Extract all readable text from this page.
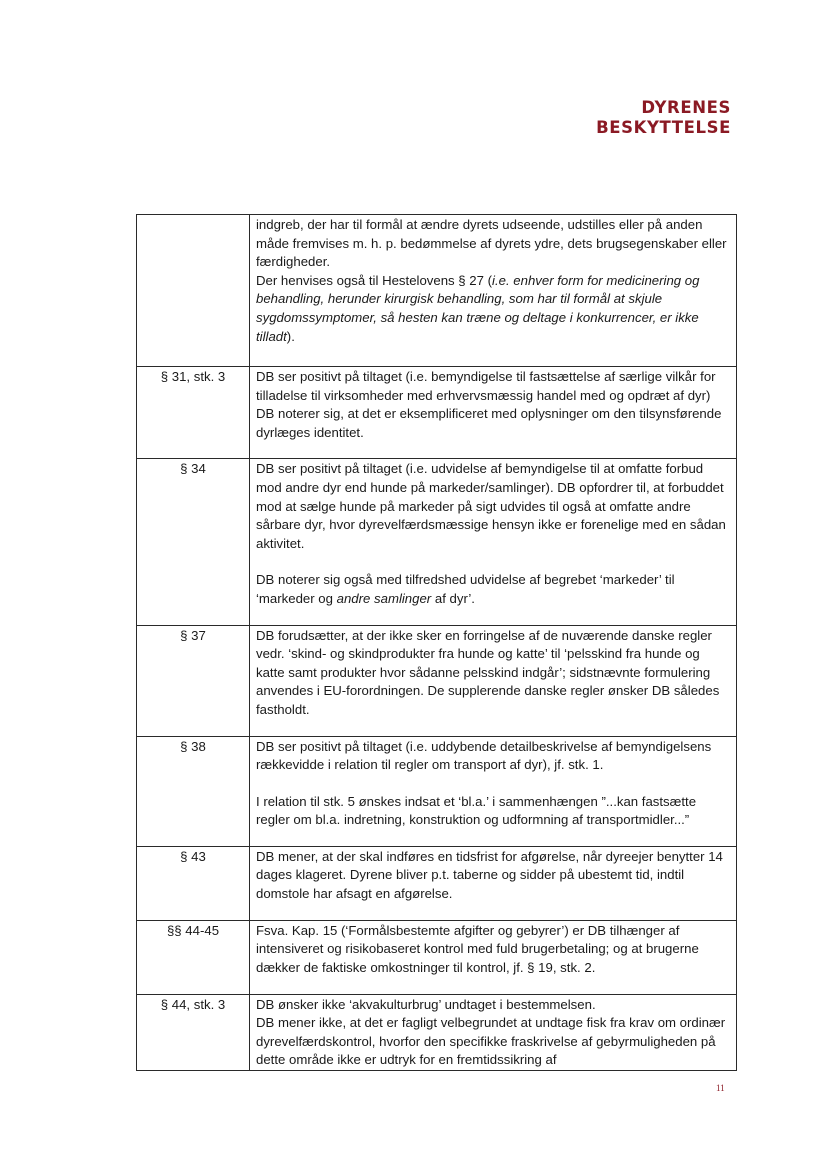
DYRENES
BESKYTTELSE

	indgreb, der har til formål at ændre dyrets udseende, udstilles eller på anden måde fremvises m. h. p. bedømmelse af dyrets ydre, dets brugsegenskaber eller færdigheder.

Der henvises også til Hestelovens § 27 (i.e. enhver form for medicinering og behandling, herunder kirurgisk behandling, som har til formål at skjule sygdomssymptomer, så hesten kan træne og deltage i konkurrencer, er ikke tilladt).

§ 31, stk. 3	DB ser positivt på tiltaget (i.e. bemyndigelse til fastsættelse af særlige vilkår for tilladelse til virksomheder med erhvervsmæssig handel med og opdræt af dyr)

DB noterer sig, at det er eksemplificeret med oplysninger om den tilsynsførende dyrlæges identitet.

§ 34	DB ser positivt på tiltaget (i.e. udvidelse af bemyndigelse til at omfatte forbud mod andre dyr end hunde på markeder/samlinger). DB opfordrer til, at forbuddet mod at sælge hunde på markeder på sigt udvides til også at omfatte andre sårbare dyr, hvor dyrevelfærdsmæssige hensyn ikke er forenelige med en sådan aktivitet.

DB noterer sig også med tilfredshed udvidelse af begrebet ‘markeder’ til ‘markeder og andre samlinger af dyr’.

§ 37	DB forudsætter, at der ikke sker en forringelse af de nuværende danske regler vedr. ‘skind- og skindprodukter fra hunde og katte’ til ‘pelsskind fra hunde og katte samt produkter hvor sådanne pelsskind indgår’; sidstnævnte formulering anvendes i EU-forordningen. De supplerende danske regler ønsker DB således fastholdt.

§ 38	DB ser positivt på tiltaget (i.e. uddybende detailbeskrivelse af bemyndigelsens rækkevidde i relation til regler om transport af dyr), jf. stk. 1.

I relation til stk. 5 ønskes indsat et ‘bl.a.’ i sammenhængen ”...kan fastsætte regler om bl.a. indretning, konstruktion og udformning af transportmidler...”

§ 43	DB mener, at der skal indføres en tidsfrist for afgørelse, når dyreejer benytter 14 dages klageret. Dyrene bliver p.t. taberne og sidder på ubestemt tid, indtil domstole har afsagt en afgørelse.

§§ 44-45	Fsva. Kap. 15 (‘Formålsbestemte afgifter og gebyrer’) er DB tilhænger af intensiveret og risikobaseret kontrol med fuld brugerbetaling; og at brugerne dækker de faktiske omkostninger til kontrol, jf. § 19, stk. 2.

§ 44, stk. 3	DB ønsker ikke ‘akvakulturbrug’ undtaget i bestemmelsen.

DB mener ikke, at det er fagligt velbegrundet at undtage fisk fra krav om ordinær dyrevelfærdskontrol, hvorfor den specifikke fraskrivelse af gebyrmuligheden på dette område ikke er udtryk for en fremtidssikring af

11
